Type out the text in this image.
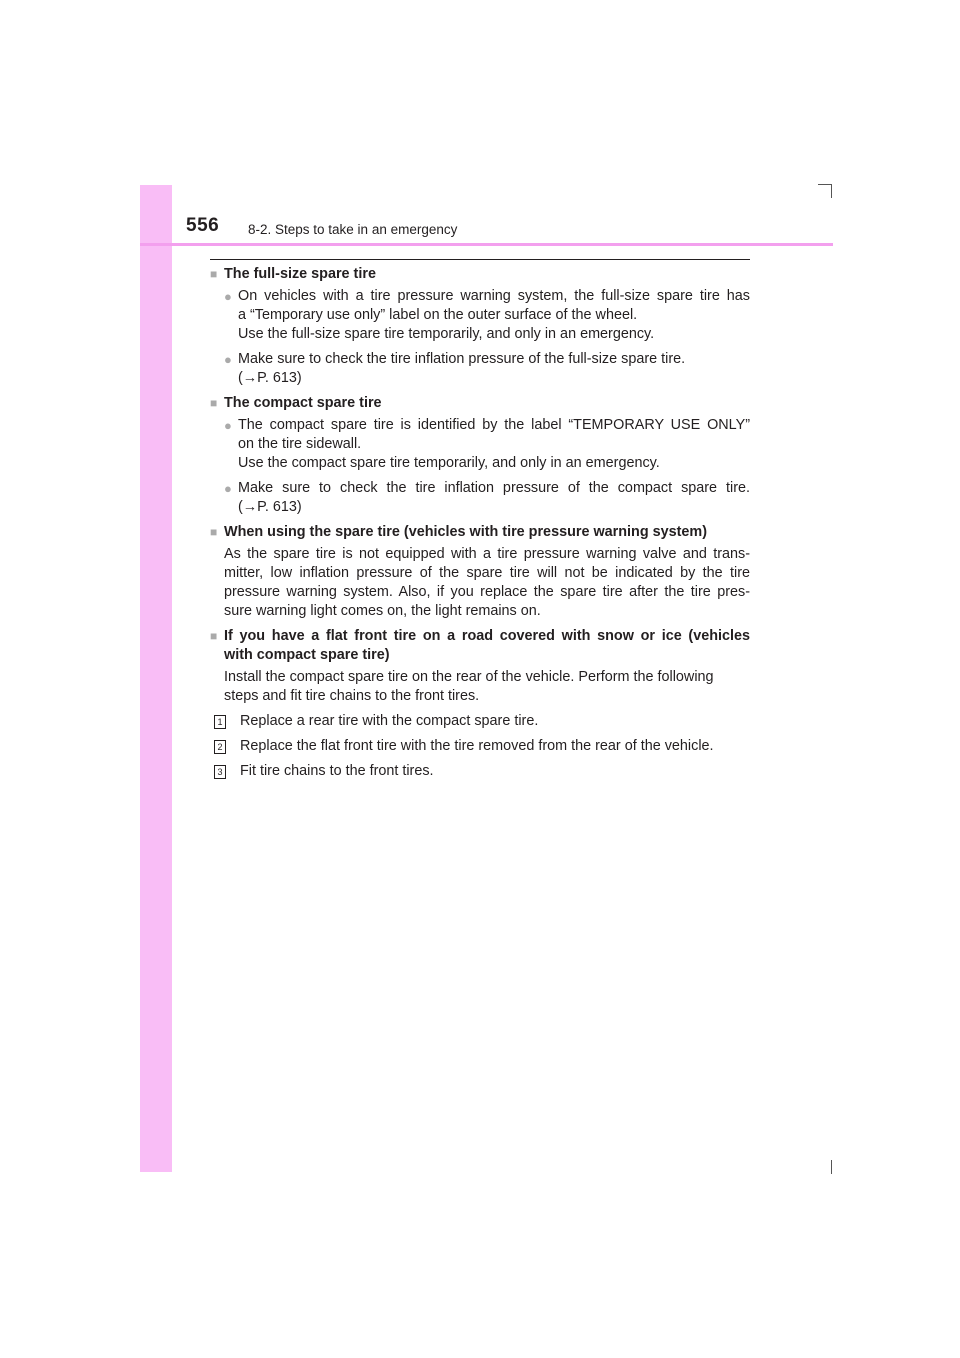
556 8-2. Steps to take in an emergency
■ The full-size spare tire
● On vehicles with a tire pressure warning system, the full-size spare tire has
a “Temporary use only” label on the outer surface of the wheel.
Use the full-size spare tire temporarily, and only in an emergency.
● Make sure to check the tire inflation pressure of the full-size spare tire.
(→P. 613)
■ The compact spare tire
● The compact spare tire is identified by the label “TEMPORARY USE ONLY”
on the tire sidewall.
Use the compact spare tire temporarily, and only in an emergency.
● Make sure to check the tire inflation pressure of the compact spare tire.
(→P. 613)
■ When using the spare tire (vehicles with tire pressure warning system)
As the spare tire is not equipped with a tire pressure warning valve and trans-
mitter, low inflation pressure of the spare tire will not be indicated by the tire
pressure warning system. Also, if you replace the spare tire after the tire pres-
sure warning light comes on, the light remains on.
■ If you have a flat front tire on a road covered with snow or ice (vehicles
with compact spare tire)
Install the compact spare tire on the rear of the vehicle. Perform the following
steps and fit tire chains to the front tires.
1 Replace a rear tire with the compact spare tire.
2 Replace the flat front tire with the tire removed from the rear of the vehicle.
3 Fit tire chains to the front tires.
